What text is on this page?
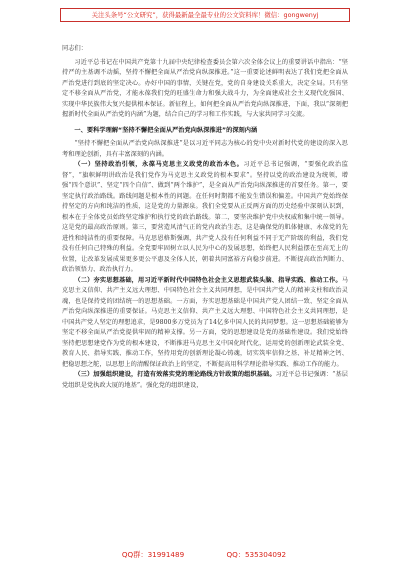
关注头条号“公文研究”，获得最新最全最专业的公文资料库！微信：gongwenyj

同志们：

习近平总书记在中国共产党第十九届中央纪律检查委员会第六次全体会议上的重要讲话中指出：“坚持严的主基调不动摇，坚持不懈把全面从严治党向纵深推进。”这一重要论述鲜明表达了我们党把全面从严治党进行到底的坚定决心。办好中国的事情，关键在党，党的自身建设关系重大，决定全局。只有坚定不移全面从严治党，才能永葆我们党的旺盛生命力和强大战斗力，为全面建成社会主义现代化强国、实现中华民族伟大复兴提供根本保证。新征程上，如何把全面从严治党向纵深推进，下面，我以“深刻把握新时代全面从严治党的内涵”为题，结合自己的学习和工作实践，与大家共同学习交流。

一、要科学理解“坚持不懈把全面从严治党向纵深推进”的深刻内涵

“坚持不懈把全面从严治党向纵深推进”是以习近平同志为核心的党中央对新时代党的建设的深入思考和理论创新，具有丰富深刻的内涵。

（一）坚持政治引领，永葆马克思主义政党的政治本色。习近平总书记强调，“要强化政治监督”，“旗帜鲜明讲政治是我们党作为马克思主义政党的根本要求”。坚持以党的政治建设为统领，增强“四个意识”、坚定“四个自信”、做到“两个维护”，是全面从严治党向纵深推进的首要任务。第一，要坚定执行政治路线。路线问题是根本性的问题。在任何时期都不能发生错误和偏差。中国共产党始终保持坚定的方向和纯洁的性质，这是党的力量源泉。我们全党要从正反两方面的历史经验中深刻认识到，根本在于全体党员始终坚定维护和执行党的政治路线。第二，要坚决维护党中央权威和集中统一领导。这是党的最高政治原则。第三，要营造风清气正的党内政治生态，这是确保党的肌体健康、永葆党的先进性和纯洁性的重要保障。马克思恩格斯强调，共产党人没有任何利益不同于无产阶级的利益，我们党没有任何自己特殊的利益。全党要牢固树立以人民为中心的发展思想，始终把人民利益摆在至高无上的位置，让改革发展成果更多更公平惠及全体人民，朝着共同富裕方向稳步前进。不断提高政治判断力、政治领悟力、政治执行力。

（二）夯实思想基础，用习近平新时代中国特色社会主义思想武装头脑、指导实践、推动工作。马克思主义信仰、共产主义远大理想、中国特色社会主义共同理想，是中国共产党人的精神支柱和政治灵魂，也是保持党的团结统一的思想基础。一方面，夯实思想基础是中国共产党人团结一致、坚定全面从严治党向纵深推进的重要保证。马克思主义信仰、共产主义远大理想、中国特色社会主义共同理想，是中国共产党人坚定的理想追求，是9800多万党员为了14亿多中国人民的共同梦想。这一思想基础能够为坚定不移全面从严治党提供牢固的精神支撑。另一方面，党的思想建设是党的基础性建设。我们党始终坚持把思想建党作为党的根本建设，不断推进马克思主义中国化时代化，运用党的创新理论武装全党、教育人民、指导实践、推动工作，坚持用党的创新理论凝心铸魂，切实筑牢信仰之基、补足精神之钙、把稳思想之舵，以思想上的清醒保证政治上的坚定，不断提高用科学理论指导实践、推动工作的能力。

（三）加强组织建设，打造有效落实党的理论路线方针政策的组织基础。习近平总书记强调：“基层党组织是党执政大厦的地基”。强化党的组织建设，

QQ群：31991489	QQ：535304092
